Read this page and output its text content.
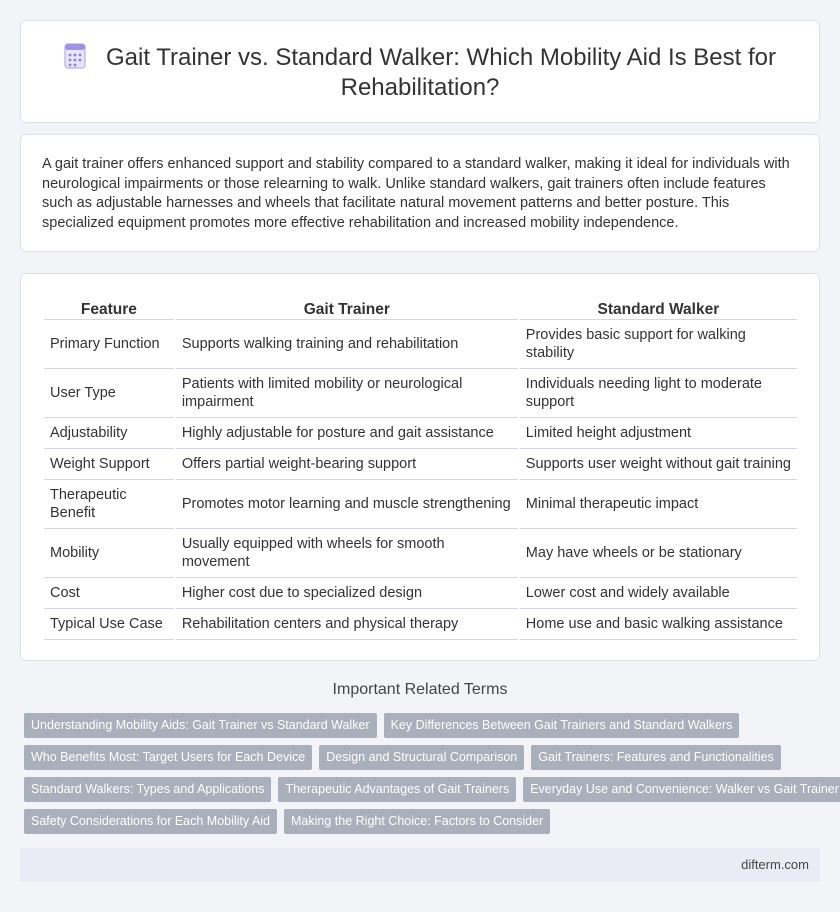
Gait Trainer vs. Standard Walker: Which Mobility Aid Is Best for Rehabilitation?

A gait trainer offers enhanced support and stability compared to a standard walker, making it ideal for individuals with neurological impairments or those relearning to walk. Unlike standard walkers, gait trainers often include features such as adjustable harnesses and wheels that facilitate natural movement patterns and better posture. This specialized equipment promotes more effective rehabilitation and increased mobility independence.

Feature	Gait Trainer	Standard Walker
Primary Function	Supports walking training and rehabilitation	Provides basic support for walking stability
User Type	Patients with limited mobility or neurological impairment	Individuals needing light to moderate support
Adjustability	Highly adjustable for posture and gait assistance	Limited height adjustment
Weight Support	Offers partial weight-bearing support	Supports user weight without gait training
Therapeutic Benefit	Promotes motor learning and muscle strengthening	Minimal therapeutic impact
Mobility	Usually equipped with wheels for smooth movement	May have wheels or be stationary
Cost	Higher cost due to specialized design	Lower cost and widely available
Typical Use Case	Rehabilitation centers and physical therapy	Home use and basic walking assistance
Important Related Terms
Understanding Mobility Aids: Gait Trainer vs Standard Walker Key Differences Between Gait Trainers and Standard Walkers
Who Benefits Most: Target Users for Each Device Design and Structural Comparison Gait Trainers: Features and Functionalities
Standard Walkers: Types and Applications Therapeutic Advantages of Gait Trainers Everyday Use and Convenience: Walker vs Gait Trainer
Safety Considerations for Each Mobility Aid Making the Right Choice: Factors to Consider
difterm.com
